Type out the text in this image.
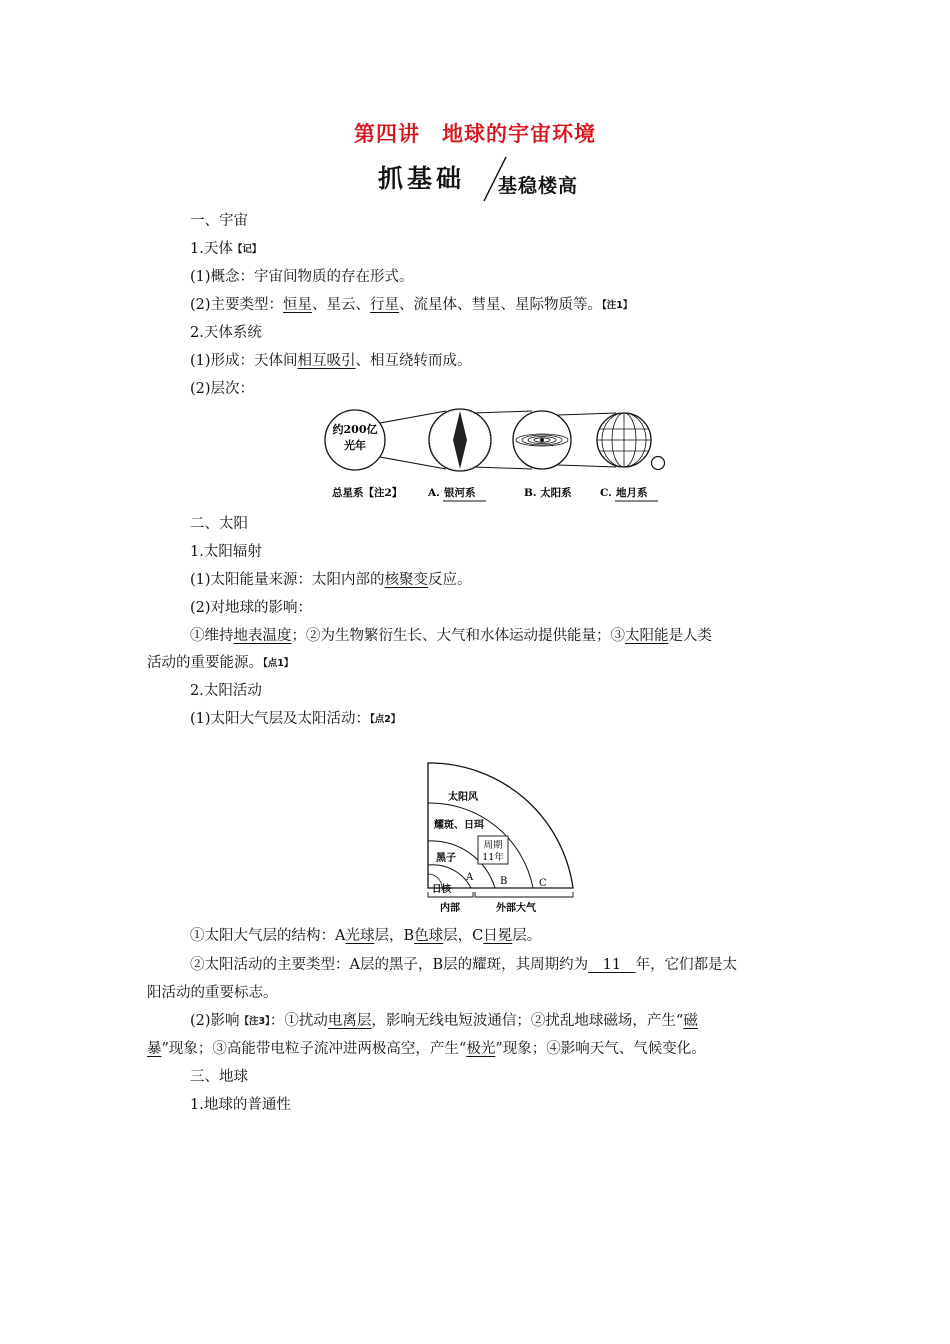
第四讲　地球的宇宙环境
抓基础 基稳楼高
一、宇宙
1.天体【记】
(1)概念：宇宙间物质的存在形式。
(2)主要类型：恒星、星云、行星、流星体、彗星、星际物质等。【注1】
2.天体系统
(1)形成：天体间相互吸引、相互绕转而成。
(2)层次：
约200亿
光年
总星系【注2】 A. 银河系	B. 太阳系	C. 地月系
二、太阳
1.太阳辐射
(1)太阳能量来源：太阳内部的核聚变反应。
(2)对地球的影响：
①维持地表温度；②为生物繁衍生长、大气和水体运动提供能量；③太阳能是人类
活动的重要能源。【点1】
2.太阳活动
(1)太阳大气层及太阳活动：【点2】
太阳风
耀斑、日珥
周期
11年
黑子
A	B	C
日核
内部	外部大气
①太阳大气层的结构：A光球层，B色球层，C日冕层。
②太阳活动的主要类型：A层的黑子，B层的耀斑，其周期约为　11　年，它们都是太
阳活动的重要标志。
(2)影响【注3】：①扰动电离层，影响无线电短波通信；②扰乱地球磁场，产生“磁
暴”现象；③高能带电粒子流冲进两极高空，产生“极光”现象；④影响天气、气候变化。
三、地球
1.地球的普通性
